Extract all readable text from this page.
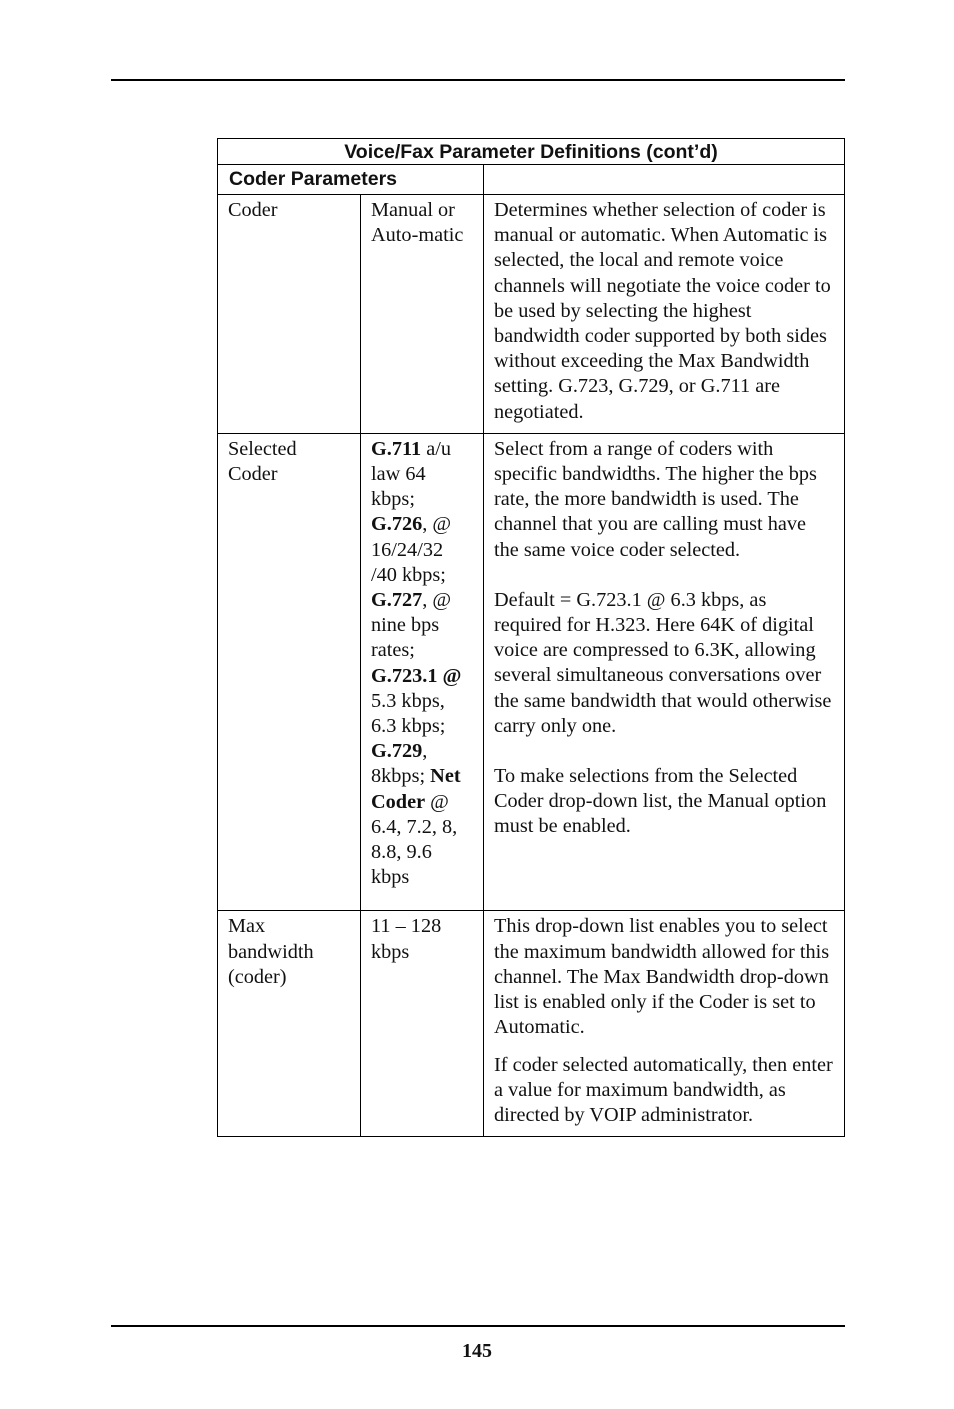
Voice/Fax Parameter Definitions (cont’d)		
Coder Parameters		
Coder	Manual or Auto-matic	Determines whether selection of coder is manual or automatic. When Automatic is selected, the local and remote voice channels will negotiate the voice coder to be used by selecting the highest bandwidth coder supported by both sides without exceeding the Max Bandwidth setting. G.723, G.729, or G.711 are negotiated.

Selected Coder	G.711 a/u law 64 kbps; G.726, @ 16/24/32 /40 kbps; G.727, @ nine bps rates; G.723.1 @ 5.3 kbps, 6.3 kbps; G.729, 8kbps; Net Coder @ 6.4, 7.2, 8, 8.8, 9.6 kbps	Select from a range of coders with specific bandwidths. The higher the bps rate, the more bandwidth is used. The channel that you are calling must have the same voice coder selected.
Default = G.723.1 @ 6.3 kbps, as required for H.323. Here 64K of digital voice are compressed to 6.3K, allowing several simultaneous conversations over the same bandwidth that would otherwise carry only one.
To make selections from the Selected Coder drop-down list, the Manual option must be enabled.

Max bandwidth (coder)	11 – 128 kbps	This drop-down list enables you to select the maximum bandwidth allowed for this channel. The Max Bandwidth drop-down list is enabled only if the Coder is set to Automatic.
If coder selected automatically, then enter a value for maximum bandwidth, as directed by VOIP administrator.
145
